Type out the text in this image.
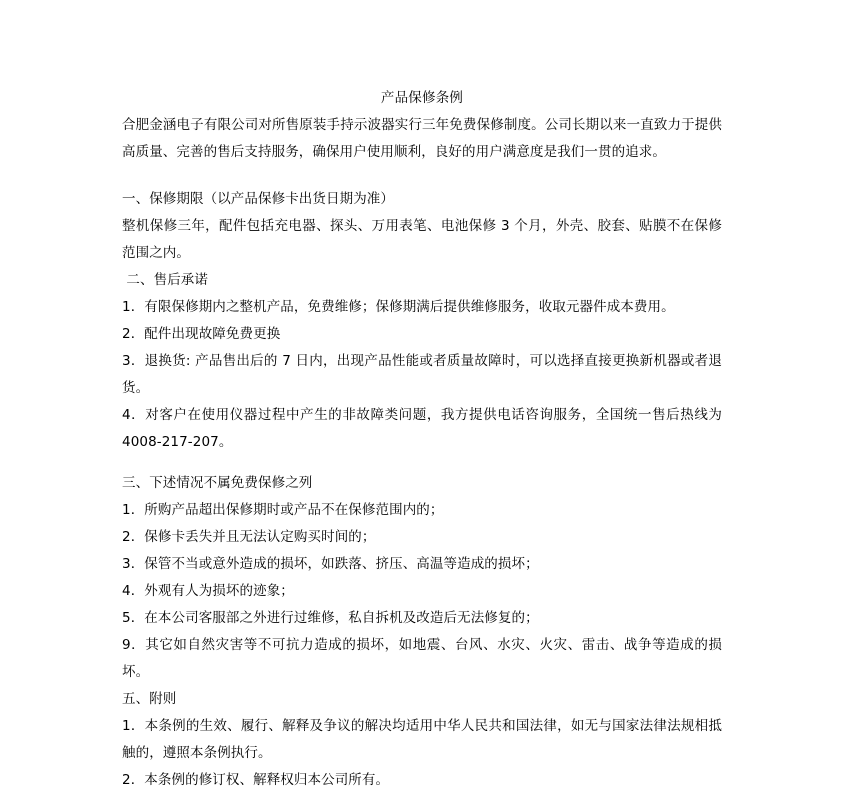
产品保修条例

合肥金涵电子有限公司对所售原装手持示波器实行三年免费保修制度。公司长期以来一直致力于提供高质量、完善的售后支持服务，确保用户使用顺利，良好的用户满意度是我们一贯的追求。

一、保修期限（以产品保修卡出货日期为准）

整机保修三年，配件包括充电器、探头、万用表笔、电池保修 3 个月，外壳、胶套、贴膜不在保修范围之内。

二、售后承诺

1．有限保修期内之整机产品，免费维修；保修期满后提供维修服务，收取元器件成本费用。

2．配件出现故障免费更换

3．退换货: 产品售出后的 7 日内，出现产品性能或者质量故障时，可以选择直接更换新机器或者退货。

4．对客户在使用仪器过程中产生的非故障类问题，我方提供电话咨询服务，全国统一售后热线为4008-217-207。

三、下述情况不属免费保修之列

1．所购产品超出保修期时或产品不在保修范围内的；

2．保修卡丢失并且无法认定购买时间的；

3．保管不当或意外造成的损坏，如跌落、挤压、高温等造成的损坏；

4．外观有人为损坏的迹象；

5．在本公司客服部之外进行过维修，私自拆机及改造后无法修复的；

9．其它如自然灾害等不可抗力造成的损坏，如地震、台风、水灾、火灾、雷击、战争等造成的损坏。

五、附则

1．本条例的生效、履行、解释及争议的解决均适用中华人民共和国法律，如无与国家法律法规相抵触的，遵照本条例执行。

2．本条例的修订权、解释权归本公司所有。
